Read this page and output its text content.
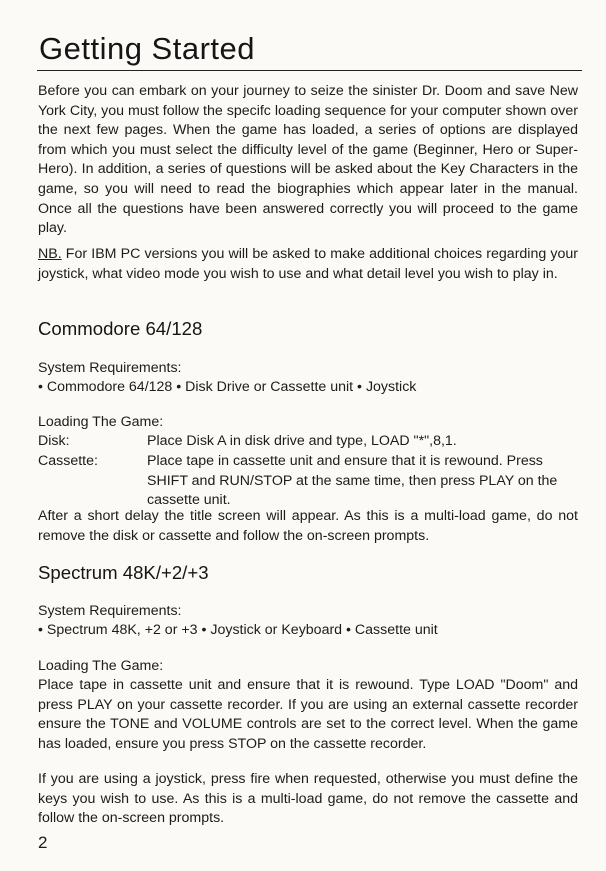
Getting Started
Before you can embark on your journey to seize the sinister Dr. Doom and save New York City, you must follow the specifc loading sequence for your computer shown over the next few pages. When the game has loaded, a series of options are displayed from which you must select the difficulty level of the game (Beginner, Hero or Super-Hero). In addition, a series of questions will be asked about the Key Characters in the game, so you will need to read the biographies which appear later in the manual. Once all the questions have been answered correctly you will proceed to the game play.
NB. For IBM PC versions you will be asked to make additional choices regarding your joystick, what video mode you wish to use and what detail level you wish to play in.
Commodore 64/128
System Requirements:
• Commodore 64/128 • Disk Drive or Cassette unit • Joystick
Loading The Game:
Disk:	Place Disk A in disk drive and type, LOAD "*",8,1.
Cassette:	Place tape in cassette unit and ensure that it is rewound. Press SHIFT and RUN/STOP at the same time, then press PLAY on the cassette unit.
After a short delay the title screen will appear. As this is a multi-load game, do not remove the disk or cassette and follow the on-screen prompts.
Spectrum 48K/+2/+3
System Requirements:
• Spectrum 48K, +2 or +3 • Joystick or Keyboard • Cassette unit
Loading The Game:
Place tape in cassette unit and ensure that it is rewound. Type LOAD "Doom" and press PLAY on your cassette recorder. If you are using an external cassette recorder ensure the TONE and VOLUME controls are set to the correct level. When the game has loaded, ensure you press STOP on the cassette recorder.
If you are using a joystick, press fire when requested, otherwise you must define the keys you wish to use. As this is a multi-load game, do not remove the cassette and follow the on-screen prompts.
2
